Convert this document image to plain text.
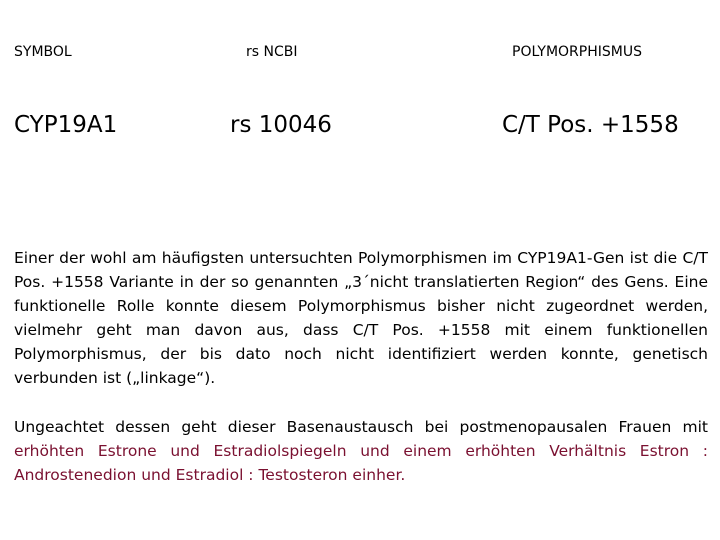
SYMBOL	rs NCBI	POLYMORPHISMUS
CYP19A1	rs 10046	C/T Pos. +1558

Einer der wohl am häufigsten untersuchten Polymorphismen im CYP19A1-Gen ist die C/T Pos. +1558 Variante in der so genannten „3´nicht translatierten Region“ des Gens. Eine funktionelle Rolle konnte diesem Polymorphismus bisher nicht zugeordnet werden, vielmehr geht man davon aus, dass C/T Pos. +1558 mit einem funktionellen Polymorphismus, der bis dato noch nicht identifiziert werden konnte, genetisch verbunden ist („linkage“).

Ungeachtet dessen geht dieser Basenaustausch bei postmenopausalen Frauen mit erhöhten Estrone und Estradiolspiegeln und einem erhöhten Verhältnis Estron : Androstenedion und Estradiol : Testosteron einher.
